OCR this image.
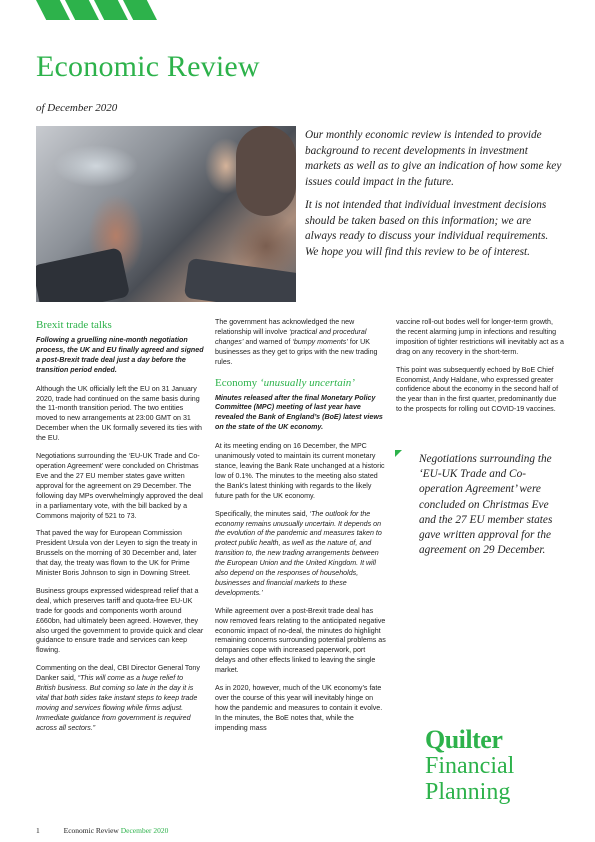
Economic Review
of December 2020

Our monthly economic review is intended to provide background to recent developments in investment markets as well as to give an indication of how some key issues could impact in the future.

It is not intended that individual investment decisions should be taken based on this information; we are always ready to discuss your individual requirements. We hope you will find this review to be of interest.

Brexit trade talks

Following a gruelling nine-month negotiation process, the UK and EU finally agreed and signed a post-Brexit trade deal just a day before the transition period ended.

Although the UK officially left the EU on 31 January 2020, trade had continued on the same basis during the 11-month transition period. The two entities moved to new arrangements at 23:00 GMT on 31 December when the UK formally severed its ties with the EU.

Negotiations surrounding the ‘EU-UK Trade and Co-operation Agreement’ were concluded on Christmas Eve and the 27 EU member states gave written approval for the agreement on 29 December. The following day MPs overwhelmingly approved the deal in a parliamentary vote, with the bill backed by a Commons majority of 521 to 73.

That paved the way for European Commission President Ursula von der Leyen to sign the treaty in Brussels on the morning of 30 December and, later that day, the treaty was flown to the UK for Prime Minister Boris Johnson to sign in Downing Street.

Business groups expressed widespread relief that a deal, which preserves tariff and quota-free EU-UK trade for goods and components worth around £660bn, had ultimately been agreed. However, they also urged the government to provide quick and clear guidance to ensure trade and services can keep flowing.

Commenting on the deal, CBI Director General Tony Danker said, “This will come as a huge relief to British business. But coming so late in the day it is vital that both sides take instant steps to keep trade moving and services flowing while firms adjust. Immediate guidance from government is required across all sectors.”

The government has acknowledged the new relationship will involve ‘practical and procedural changes’ and warned of ‘bumpy moments’ for UK businesses as they get to grips with the new trading rules.

Economy ‘unusually uncertain’

Minutes released after the final Monetary Policy Committee (MPC) meeting of last year have revealed the Bank of England’s (BoE) latest views on the state of the UK economy.

At its meeting ending on 16 December, the MPC unanimously voted to maintain its current monetary stance, leaving the Bank Rate unchanged at a historic low of 0.1%. The minutes to the meeting also stated the Bank’s latest thinking with regards to the likely future path for the UK economy.

Specifically, the minutes said, ‘The outlook for the economy remains unusually uncertain. It depends on the evolution of the pandemic and measures taken to protect public health, as well as the nature of, and transition to, the new trading arrangements between the European Union and the United Kingdom. It will also depend on the responses of households, businesses and financial markets to these developments.’

While agreement over a post-Brexit trade deal has now removed fears relating to the anticipated negative economic impact of no-deal, the minutes do highlight remaining concerns surrounding potential problems as companies cope with increased paperwork, port delays and other effects linked to leaving the single market.

As in 2020, however, much of the UK economy’s fate over the course of this year will inevitably hinge on how the pandemic and measures to contain it evolve. In the minutes, the BoE notes that, while the impending mass

vaccine roll-out bodes well for longer-term growth, the recent alarming jump in infections and resulting imposition of tighter restrictions will inevitably act as a drag on any recovery in the short-term.

This point was subsequently echoed by BoE Chief Economist, Andy Haldane, who expressed greater confidence about the economy in the second half of the year than in the first quarter, predominantly due to the prospects for rolling out COVID-19 vaccines.

Negotiations surrounding the ‘EU-UK Trade and Co-operation Agreement’ were concluded on Christmas Eve and the 27 EU member states gave written approval for the agreement on 29 December.
Quilter
Financial
Planning
1	Economic Review December 2020
